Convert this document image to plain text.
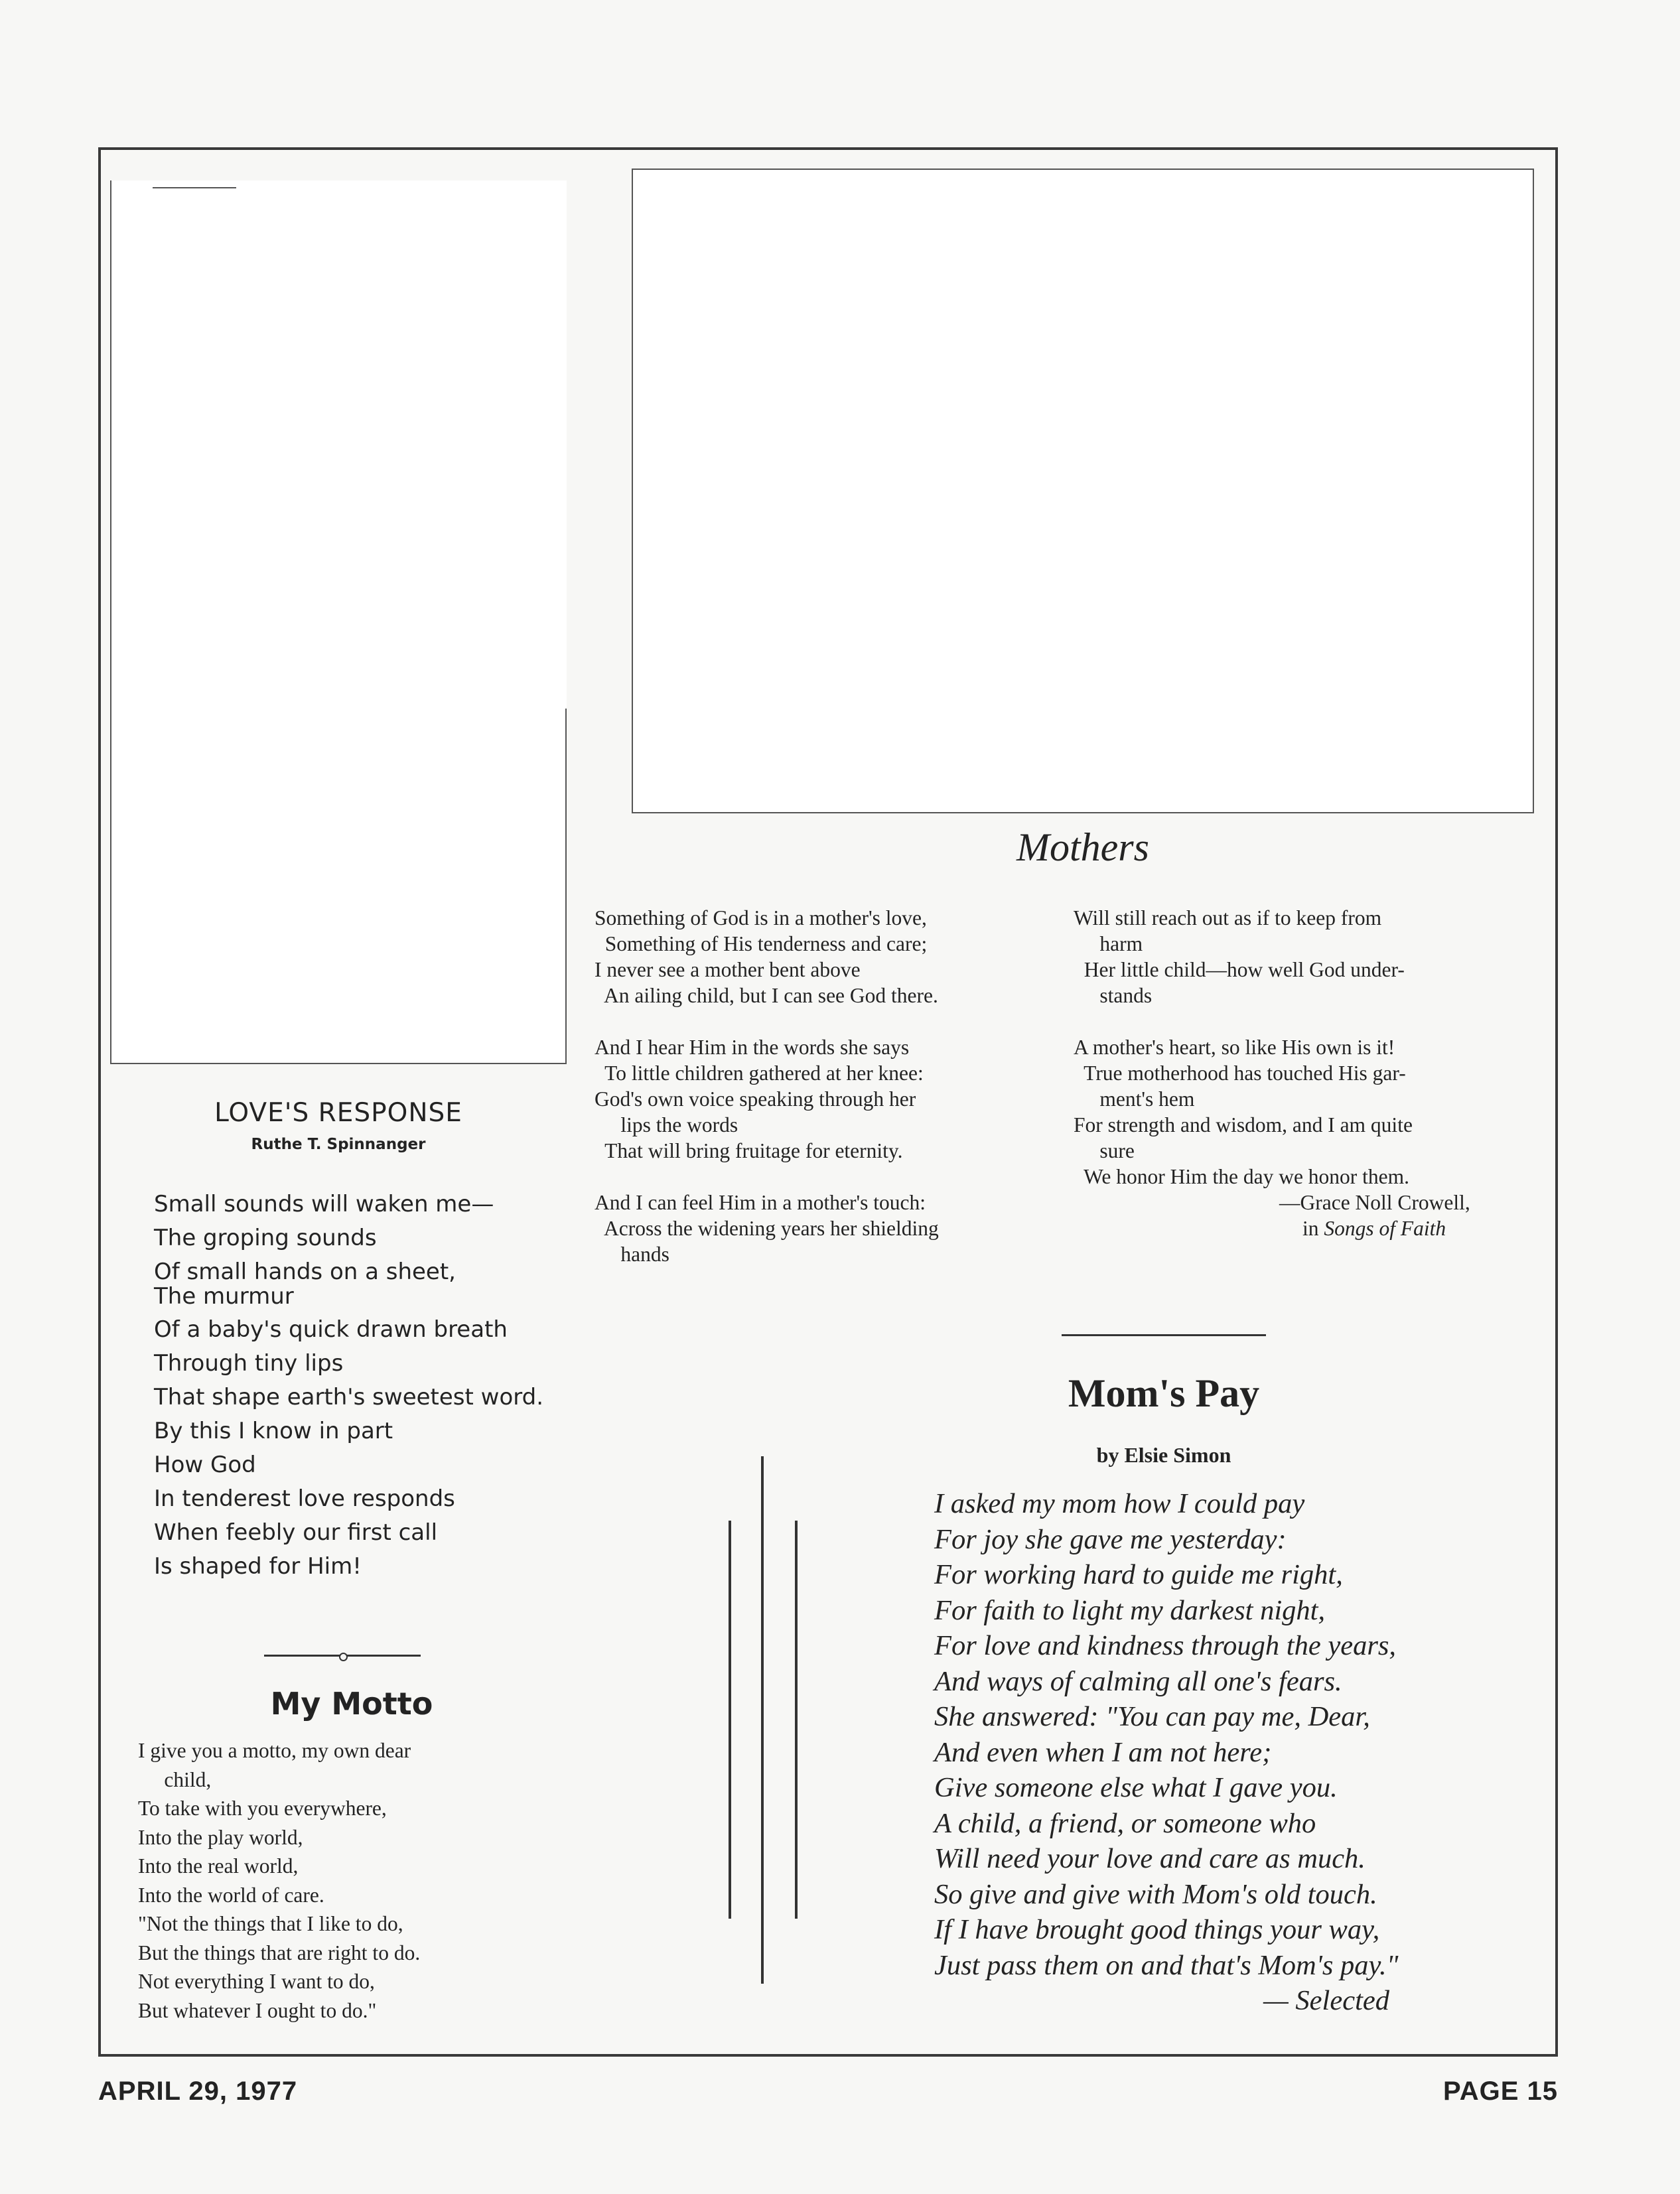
LOVE'S RESPONSE
Ruthe T. Spinnanger
Small sounds will waken me—
The groping sounds
Of small hands on a sheet,
The murmur
Of a baby's quick drawn breath
Through tiny lips
That shape earth's sweetest word.
By this I know in part
How God
In tenderest love responds
When feebly our first call
Is shaped for Him!
My Motto
I give you a motto, my own dear
child,
To take with you everywhere,
Into the play world,
Into the real world,
Into the world of care.
"Not the things that I like to do,
But the things that are right to do.
Not everything I want to do,
But whatever I ought to do."
Mothers
Something of God is in a mother's love,
Something of His tenderness and care;
I never see a mother bent above
An ailing child, but I can see God there.
And I hear Him in the words she says
To little children gathered at her knee:
God's own voice speaking through her
lips the words
That will bring fruitage for eternity.
And I can feel Him in a mother's touch:
Across the widening years her shielding
hands
Will still reach out as if to keep from
harm
Her little child—how well God under-
stands
A mother's heart, so like His own is it!
True motherhood has touched His gar-
ment's hem
For strength and wisdom, and I am quite
sure
We honor Him the day we honor them.
—Grace Noll Crowell,
in Songs of Faith
Mom's Pay
by Elsie Simon
I asked my mom how I could pay
For joy she gave me yesterday:
For working hard to guide me right,
For faith to light my darkest night,
For love and kindness through the years,
And ways of calming all one's fears.
She answered: "You can pay me, Dear,
And even when I am not here;
Give someone else what I gave you.
A child, a friend, or someone who
Will need your love and care as much.
So give and give with Mom's old touch.
If I have brought good things your way,
Just pass them on and that's Mom's pay."
— Selected
APRIL 29, 1977	PAGE 15
